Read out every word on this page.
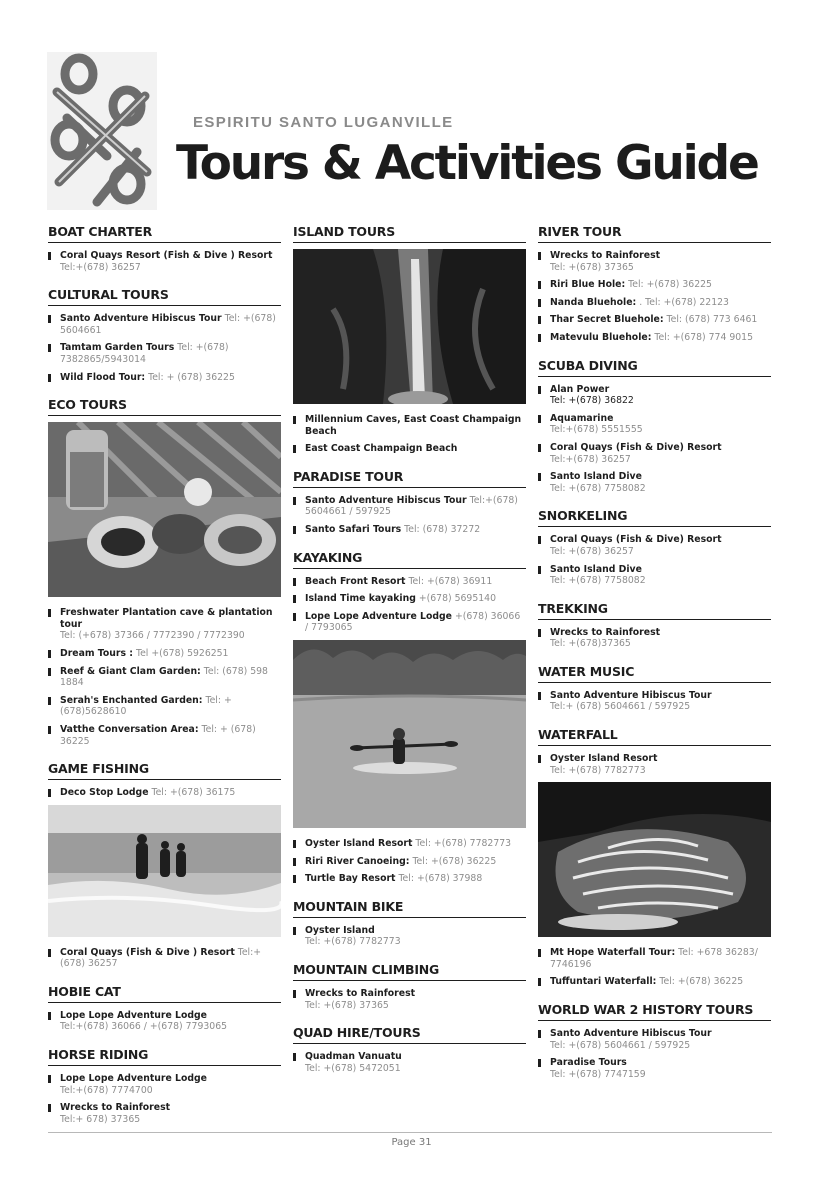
ESPIRITU SANTO LUGANVILLE
Tours & Activities Guide
BOAT CHARTER
Coral Quays Resort (Fish & Dive ) Resort
Tel:+(678) 36257
CULTURAL TOURS
Santo Adventure Hibiscus Tour Tel: +(678) 5604661
Tamtam Garden Tours Tel: +(678) 7382865/5943014
Wild Flood Tour: Tel: + (678) 36225
ECO TOURS
Freshwater Plantation cave & plantation tour
Tel: (+678) 37366 / 7772390 / 7772390
Dream Tours : Tel +(678) 5926251
Reef & Giant Clam Garden: Tel: (678) 598 1884
Serah's Enchanted Garden: Tel: +(678)5628610
Vatthe Conversation Area: Tel: + (678) 36225
GAME FISHING
Deco Stop Lodge Tel: +(678) 36175
Coral Quays (Fish & Dive ) Resort Tel:+(678) 36257
HOBIE CAT
Lope Lope Adventure Lodge
Tel:+(678) 36066 / +(678) 7793065
HORSE RIDING
Lope Lope Adventure Lodge
Tel:+(678) 7774700
Wrecks to Rainforest
Tel:+ 678) 37365
ISLAND TOURS
Millennium Caves, East Coast Champaign Beach
East Coast Champaign Beach
PARADISE TOUR
Santo Adventure Hibiscus Tour Tel:+(678) 5604661 / 597925
Santo Safari Tours Tel: (678) 37272
KAYAKING
Beach Front Resort Tel: +(678) 36911
Island Time kayaking +(678) 5695140
Lope Lope Adventure Lodge +(678) 36066 / 7793065
Oyster Island Resort Tel: +(678) 7782773
Riri River Canoeing: Tel: +(678) 36225
Turtle Bay Resort Tel: +(678) 37988
MOUNTAIN BIKE
Oyster Island
Tel: +(678) 7782773
MOUNTAIN CLIMBING
Wrecks to Rainforest
Tel: +(678) 37365
QUAD HIRE/TOURS
Quadman Vanuatu
Tel: +(678) 5472051
RIVER TOUR
Wrecks to Rainforest
Tel: +(678) 37365
Riri Blue Hole: Tel: +(678) 36225
Nanda Bluehole: . Tel: +(678) 22123
Thar Secret Bluehole: Tel: (678) 773 6461
Matevulu Bluehole: Tel: +(678) 774 9015
SCUBA DIVING
Alan Power
Tel: +(678) 36822
Aquamarine
Tel:+(678) 5551555
Coral Quays (Fish & Dive) Resort
Tel:+(678) 36257
Santo Island Dive
Tel: +(678) 7758082
SNORKELING
Coral Quays (Fish & Dive) Resort
Tel: +(678) 36257
Santo Island Dive
Tel: +(678) 7758082
TREKKING
Wrecks to Rainforest
Tel: +(678)37365
WATER MUSIC
Santo Adventure Hibiscus Tour
Tel:+ (678) 5604661 / 597925
WATERFALL
Oyster Island Resort
Tel: +(678) 7782773
Mt Hope Waterfall Tour: Tel: +678 36283/ 7746196
Tuffuntari Waterfall: Tel: +(678) 36225
WORLD WAR 2 HISTORY TOURS
Santo Adventure Hibiscus Tour
Tel: +(678) 5604661 / 597925
Paradise Tours
Tel: +(678) 7747159
Page 31
